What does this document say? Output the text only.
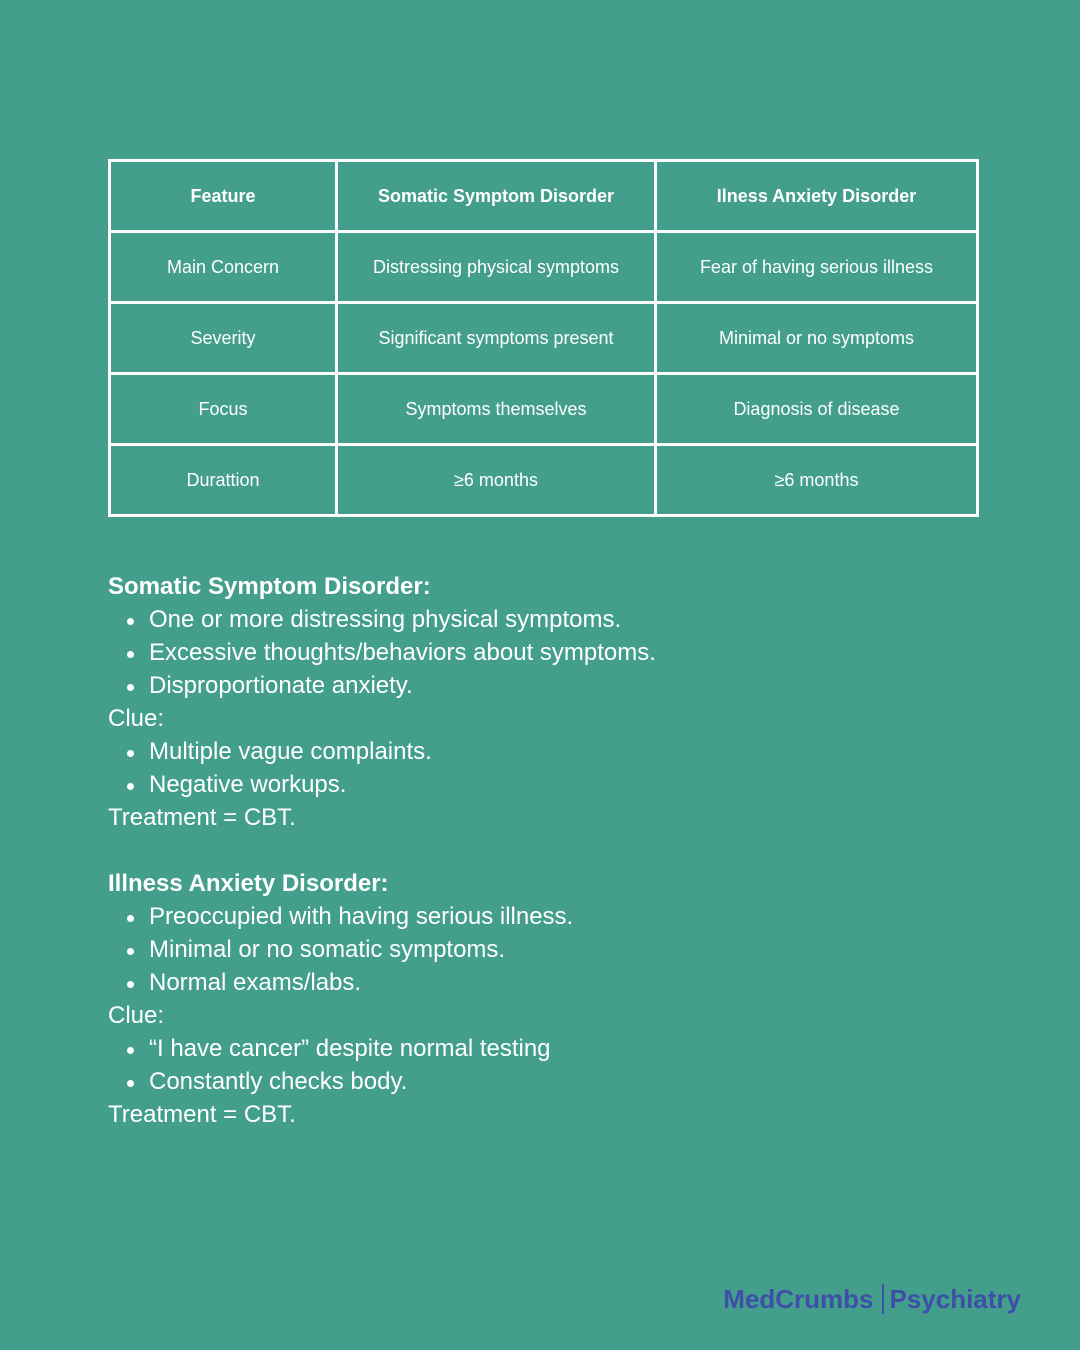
Feature	Somatic Symptom Disorder	Ilness Anxiety Disorder
Main Concern	Distressing physical symptoms	Fear of having serious illness
Severity	Significant symptoms present	Minimal or no symptoms
Focus	Symptoms themselves	Diagnosis of disease
Durattion	≥6 months	≥6 months
Somatic Symptom Disorder:
One or more distressing physical symptoms.
Excessive thoughts/behaviors about symptoms.
Disproportionate anxiety.
Clue:
Multiple vague complaints.
Negative workups.
Treatment = CBT.
Illness Anxiety Disorder:
Preoccupied with having serious illness.
Minimal or no somatic symptoms.
Normal exams/labs.
Clue:
“I have cancer” despite normal testing
Constantly checks body.
Treatment = CBT.
MedCrumbs Psychiatry
